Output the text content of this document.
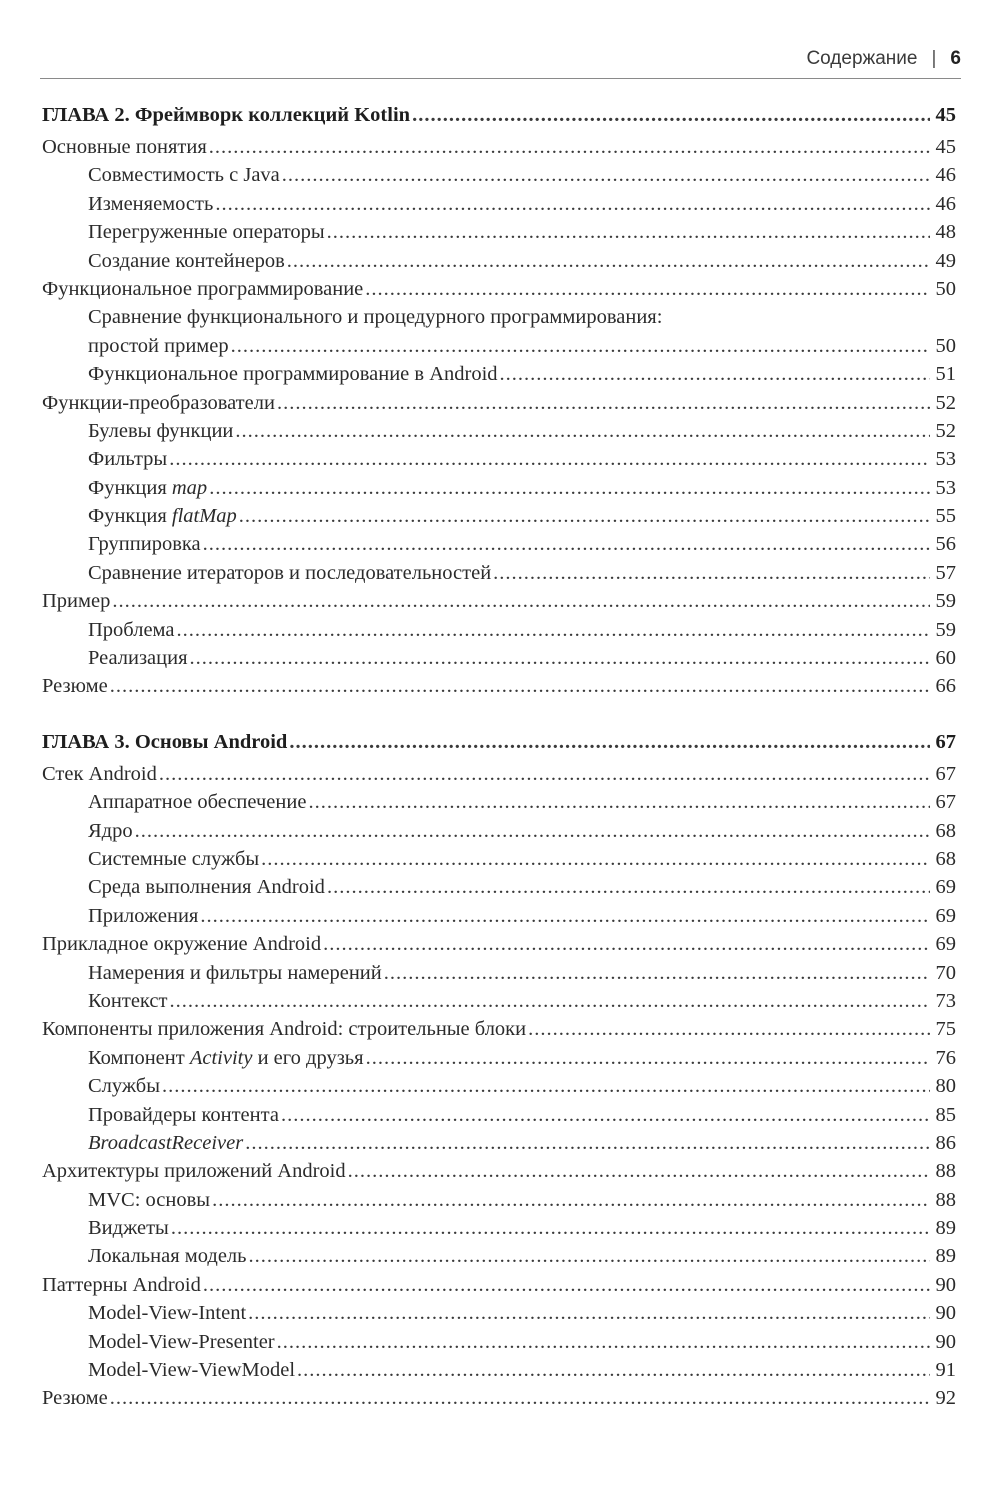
Содержание | 6
ГЛАВА 2. Фреймворк коллекций Kotlin .....	45
Основные понятия .....	45
Совместимость с Java .....	46
Изменяемость .....	46
Перегруженные операторы .....	48
Создание контейнеров .....	49
Функциональное программирование .....	50
Сравнение функционального и процедурного программирования:
простой пример .....	50
Функциональное программирование в Android .....	51
Функции-преобразователи .....	52
Булевы функции .....	52
Фильтры .....	53
Функция map .....	53
Функция flatMap .....	55
Группировка .....	56
Сравнение итераторов и последовательностей .....	57
Пример .....	59
Проблема .....	59
Реализация .....	60
Резюме .....	66
ГЛАВА 3. Основы Android .....	67
Стек Android .....	67
Аппаратное обеспечение .....	67
Ядро .....	68
Системные службы .....	68
Среда выполнения Android .....	69
Приложения .....	69
Прикладное окружение Android .....	69
Намерения и фильтры намерений .....	70
Контекст .....	73
Компоненты приложения Android: строительные блоки .....	75
Компонент Activity и его друзья .....	76
Службы .....	80
Провайдеры контента .....	85
BroadcastReceiver .....	86
Архитектуры приложений Android .....	88
MVC: основы .....	88
Виджеты .....	89
Локальная модель .....	89
Паттерны Android .....	90
Model-View-Intent .....	90
Model-View-Presenter .....	90
Model-View-ViewModel .....	91
Резюме .....	92
